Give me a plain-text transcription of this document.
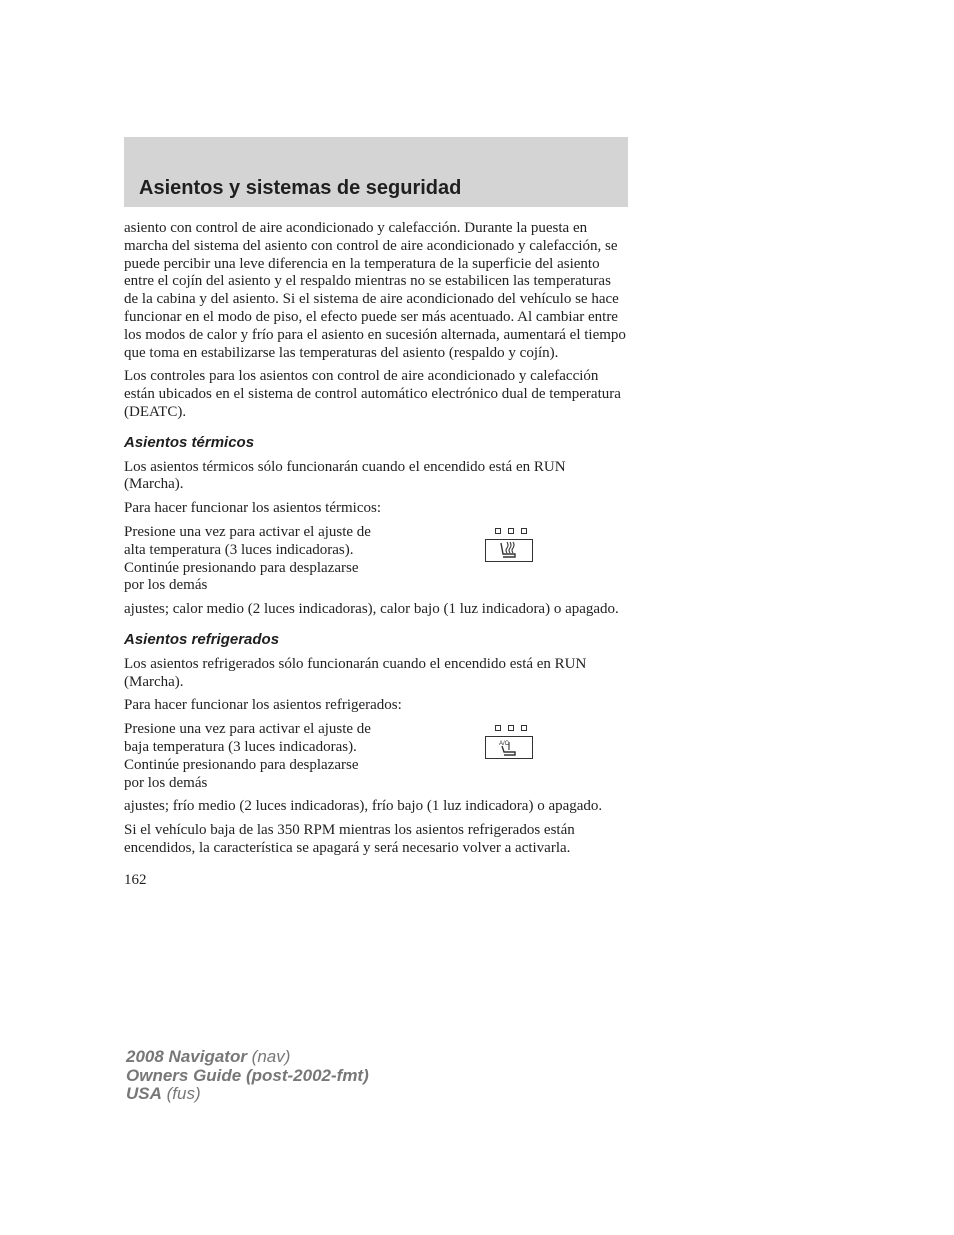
Asientos y sistemas de seguridad

asiento con control de aire acondicionado y calefacción. Durante la puesta en marcha del sistema del asiento con control de aire acondicionado y calefacción, se puede percibir una leve diferencia en la temperatura de la superficie del asiento entre el cojín del asiento y el respaldo mientras no se estabilicen las temperaturas de la cabina y del asiento. Si el sistema de aire acondicionado del vehículo se hace funcionar en el modo de piso, el efecto puede ser más acentuado. Al cambiar entre los modos de calor y frío para el asiento en sucesión alternada, aumentará el tiempo que toma en estabilizarse las temperaturas del asiento (respaldo y cojín).

Los controles para los asientos con control de aire acondicionado y calefacción están ubicados en el sistema de control automático electrónico dual de temperatura (DEATC).

Asientos térmicos

Los asientos térmicos sólo funcionarán cuando el encendido está en RUN (Marcha).

Para hacer funcionar los asientos térmicos:

Presione una vez para activar el ajuste de alta temperatura (3 luces indicadoras). Continúe presionando para desplazarse por los demás

ajustes; calor medio (2 luces indicadoras), calor bajo (1 luz indicadora) o apagado.

Asientos refrigerados

Los asientos refrigerados sólo funcionarán cuando el encendido está en RUN (Marcha).

Para hacer funcionar los asientos refrigerados:

Presione una vez para activar el ajuste de baja temperatura (3 luces indicadoras). Continúe presionando para desplazarse por los demás

A/C

ajustes; frío medio (2 luces indicadoras), frío bajo (1 luz indicadora) o apagado.

Si el vehículo baja de las 350 RPM mientras los asientos refrigerados están encendidos, la característica se apagará y será necesario volver a activarla.

162
2008 Navigator (nav)
Owners Guide (post-2002-fmt)
USA (fus)
